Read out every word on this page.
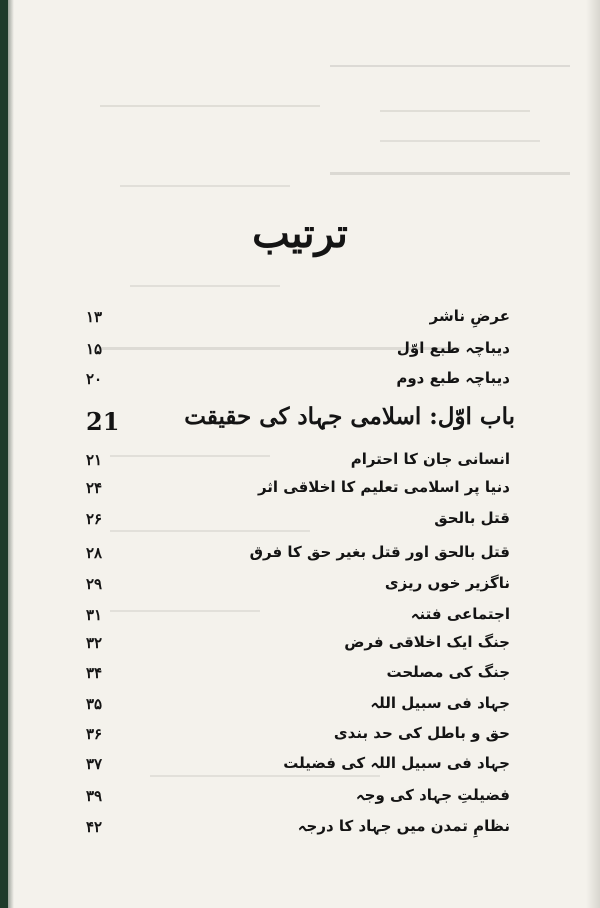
ترتیب
۱۳	عرضِ ناشر
۱۵	دیباچہ طبع اوّل
۲۰	دیباچہ طبع دوم
21	باب اوّل: اسلامی جہاد کی حقیقت
۲۱	انسانی جان کا احترام
۲۴	دنیا پر اسلامی تعلیم کا اخلاقی اثر
۲۶	قتل بالحق
۲۸	قتل بالحق اور قتل بغیر حق کا فرق
۲۹	ناگزیر خوں ریزی
۳۱	اجتماعی فتنہ
۳۲	جنگ ایک اخلاقی فرض
۳۴	جنگ کی مصلحت
۳۵	جہاد فی سبیل اللہ
۳۶	حق و باطل کی حد بندی
۳۷	جہاد فی سبیل اللہ کی فضیلت
۳۹	فضیلتِ جہاد کی وجہ
۴۲	نظامِ تمدن میں جہاد کا درجہ
